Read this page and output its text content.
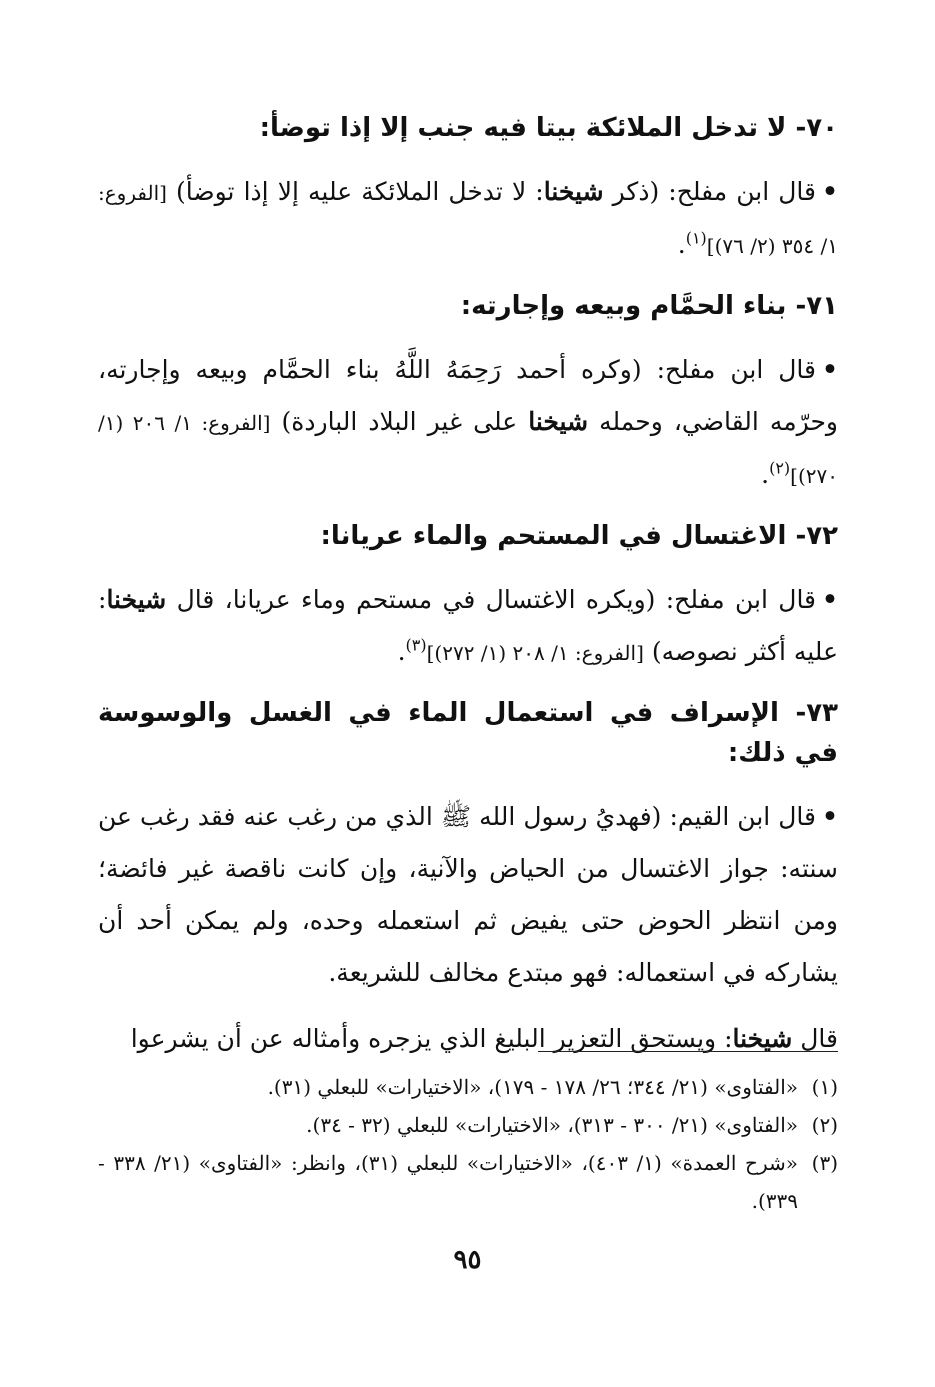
٧٠- لا تدخل الملائكة بيتا فيه جنب إلا إذا توضأ:
•قال ابن مفلح: (ذكر شيخنا: لا تدخل الملائكة عليه إلا إذا توضأ) [الفروع: ١/ ٣٥٤ (٢/ ٧٦)]$^{(١)}$.
٧١- بناء الحمَّام وبيعه وإجارته:
•قال ابن مفلح: (وكره أحمد رَحِمَهُ اللَّهُ بناء الحمَّام وبيعه وإجارته، وحرّمه القاضي، وحمله شيخنا على غير البلاد الباردة) [الفروع: ١/ ٢٠٦ (١/ ٢٧٠)]$^{(٢)}$.
٧٢- الاغتسال في المستحم والماء عريانا:
•قال ابن مفلح: (ويكره الاغتسال في مستحم وماء عريانا، قال شيخنا: عليه أكثر نصوصه) [الفروع: ١/ ٢٠٨ (١/ ٢٧٢)]$^{(٣)}$.
٧٣- الإسراف في استعمال الماء في الغسل والوسوسة في ذلك:
•قال ابن القيم: (فهديُ رسول الله ﷺ الذي من رغب عنه فقد رغب عن سنته: جواز الاغتسال من الحياض والآنية، وإن كانت ناقصة غير فائضة؛ ومن انتظر الحوض حتى يفيض ثم استعمله وحده، ولم يمكن أحد أن يشاركه في استعماله: فهو مبتدع مخالف للشريعة.
قال شيخنا: ويستحق التعزير البليغ الذي يزجره وأمثاله عن أن يشرعوا
(١)
«الفتاوى» (٢١/ ٣٤٤؛ ٢٦/ ١٧٨ - ١٧٩)، «الاختيارات» للبعلي (٣١).
(٢)
«الفتاوى» (٢١/ ٣٠٠ - ٣١٣)، «الاختيارات» للبعلي (٣٢ - ٣٤).
(٣)
«شرح العمدة» (١/ ٤٠٣)، «الاختيارات» للبعلي (٣١)، وانظر: «الفتاوى» (٢١/ ٣٣٨ - ٣٣٩).
٩٥
